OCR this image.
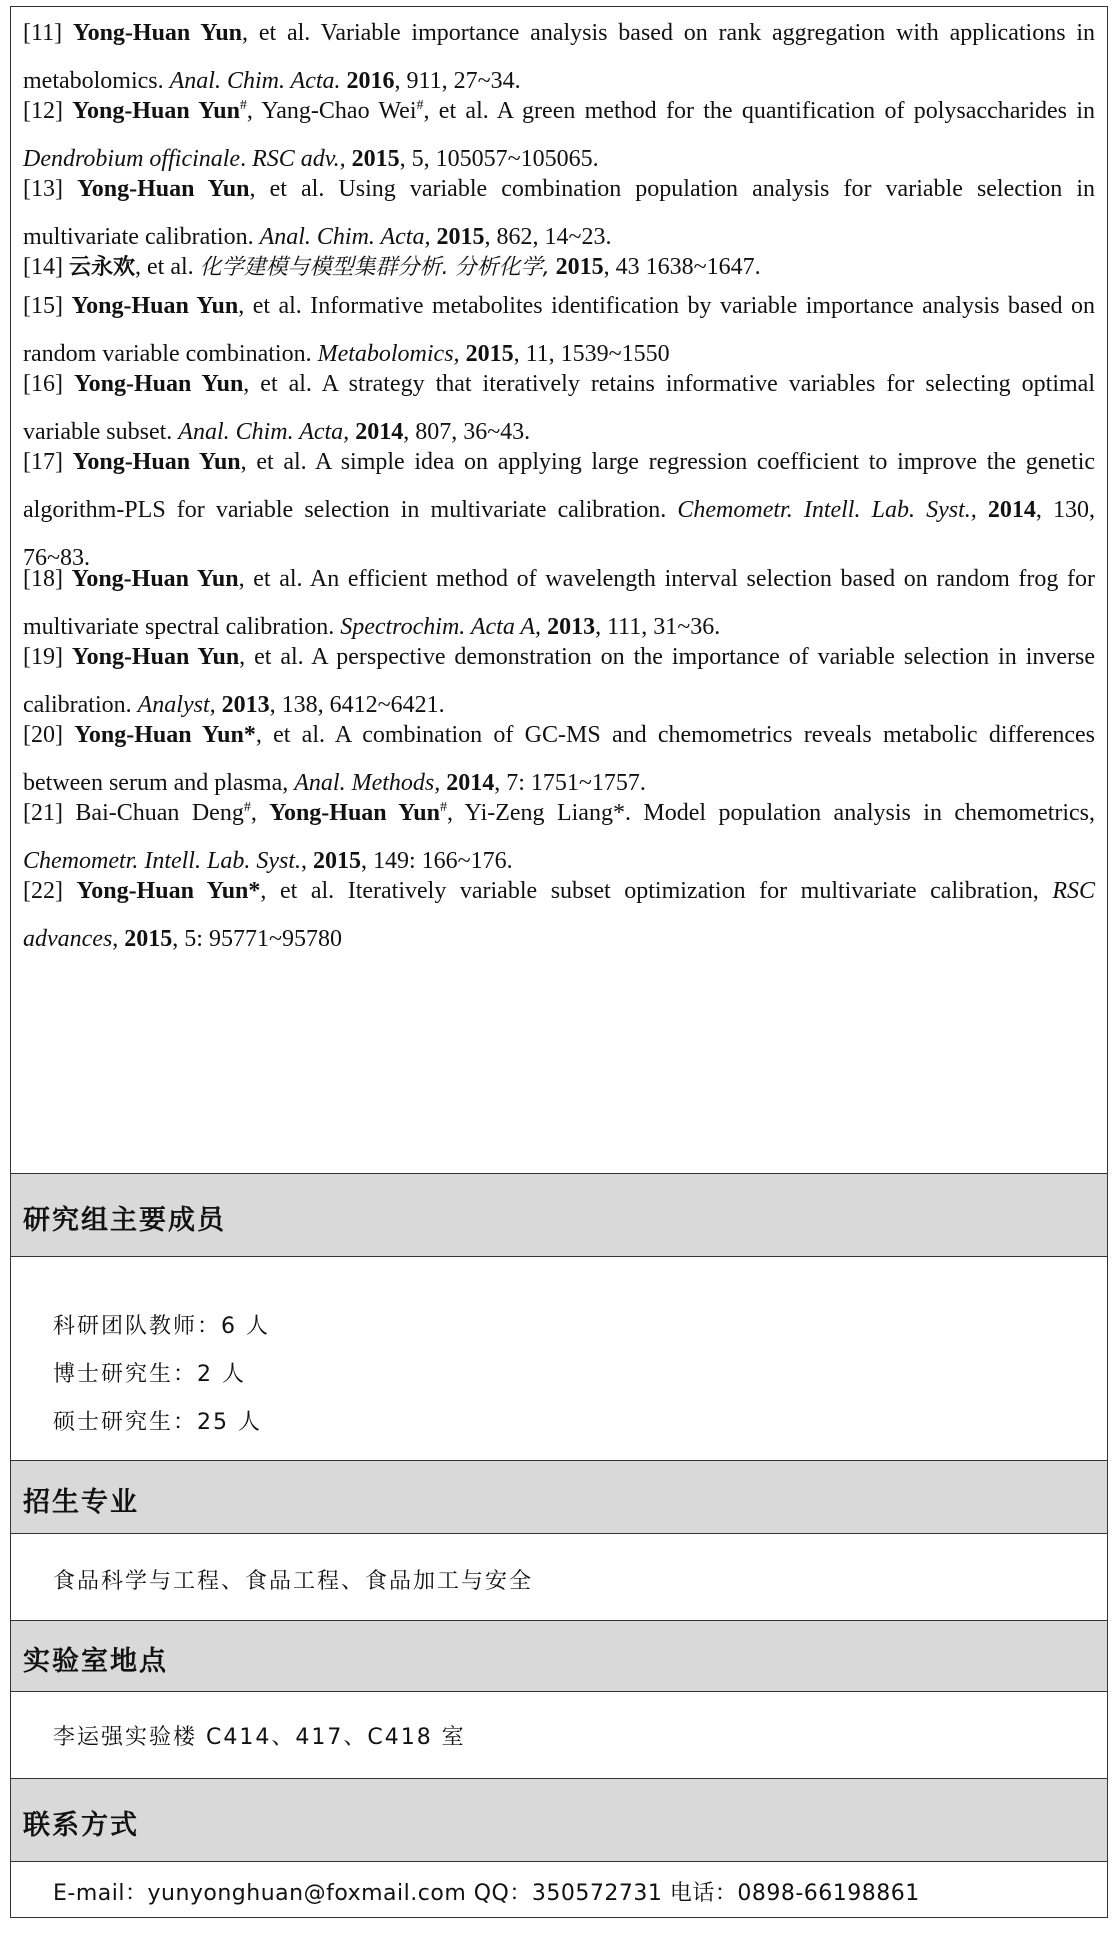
[11] Yong-Huan Yun, et al. Variable importance analysis based on rank aggregation with applications in metabolomics. Anal. Chim. Acta. 2016, 911, 27~34.
[12] Yong-Huan Yun#, Yang-Chao Wei#, et al. A green method for the quantification of polysaccharides in Dendrobium officinale. RSC adv., 2015, 5, 105057~105065.
[13] Yong-Huan Yun, et al. Using variable combination population analysis for variable selection in multivariate calibration. Anal. Chim. Acta, 2015, 862, 14~23.
[14] 云永欢, et al. 化学建模与模型集群分析. 分析化学, 2015, 43 1638~1647.
[15] Yong-Huan Yun, et al. Informative metabolites identification by variable importance analysis based on random variable combination. Metabolomics, 2015, 11, 1539~1550
[16] Yong-Huan Yun, et al. A strategy that iteratively retains informative variables for selecting optimal variable subset. Anal. Chim. Acta, 2014, 807, 36~43.
[17] Yong-Huan Yun, et al. A simple idea on applying large regression coefficient to improve the genetic algorithm-PLS for variable selection in multivariate calibration. Chemometr. Intell. Lab. Syst., 2014, 130, 76~83.
[18] Yong-Huan Yun, et al. An efficient method of wavelength interval selection based on random frog for multivariate spectral calibration. Spectrochim. Acta A, 2013, 111, 31~36.
[19] Yong-Huan Yun, et al. A perspective demonstration on the importance of variable selection in inverse calibration. Analyst, 2013, 138, 6412~6421.
[20] Yong-Huan Yun*, et al. A combination of GC-MS and chemometrics reveals metabolic differences between serum and plasma, Anal. Methods, 2014, 7: 1751~1757.
[21] Bai-Chuan Deng#, Yong-Huan Yun#, Yi-Zeng Liang*. Model population analysis in chemometrics, Chemometr. Intell. Lab. Syst., 2015, 149: 166~176.
[22] Yong-Huan Yun*, et al. Iteratively variable subset optimization for multivariate calibration, RSC advances, 2015, 5: 95771~95780
研究组主要成员
科研团队教师：6 人
博士研究生：2 人
硕士研究生：25 人
招生专业
食品科学与工程、食品工程、食品加工与安全
实验室地点
李运强实验楼 C414、417、C418 室
联系方式
E-mail：yunyonghuan@foxmail.com QQ：350572731 电话：0898-66198861
